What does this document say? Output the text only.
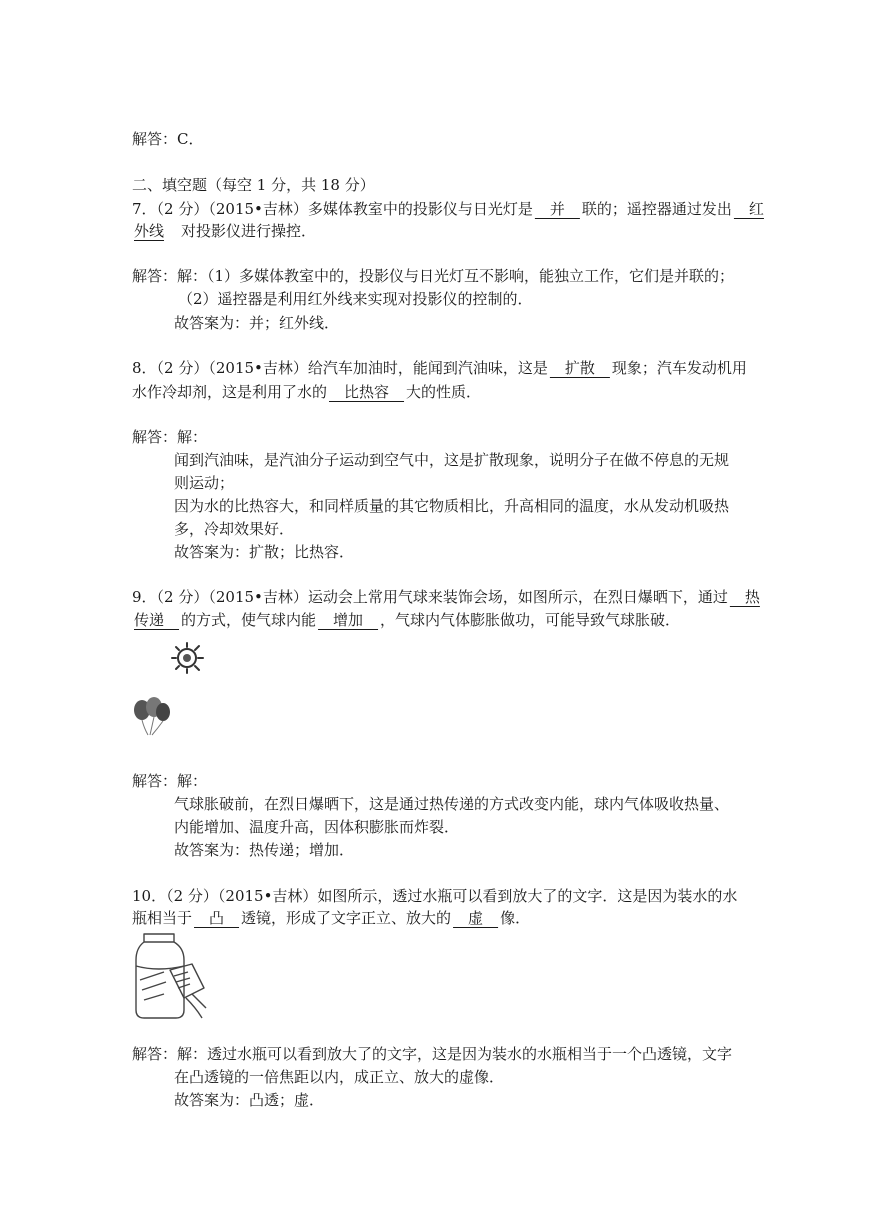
解答：C．
二、填空题（每空 1 分，共 18 分）
7．（2 分）（2015•吉林）多媒体教室中的投影仪与日光灯是　并　联的；遥控器通过发出　红
外线　对投影仪进行操控．
解答：解：（1）多媒体教室中的，投影仪与日光灯互不影响，能独立工作，它们是并联的；
（2）遥控器是利用红外线来实现对投影仪的控制的．
故答案为：并；红外线．
8．（2 分）（2015•吉林）给汽车加油时，能闻到汽油味，这是　扩散　现象；汽车发动机用
水作冷却剂，这是利用了水的　比热容　大的性质．
解答：解：
闻到汽油味，是汽油分子运动到空气中，这是扩散现象，说明分子在做不停息的无规
则运动；
因为水的比热容大，和同样质量的其它物质相比，升高相同的温度，水从发动机吸热
多，冷却效果好．
故答案为：扩散；比热容．
9．（2 分）（2015•吉林）运动会上常用气球来装饰会场，如图所示，在烈日爆晒下，通过　热
传递　的方式，使气球内能　增加　，气球内气体膨胀做功，可能导致气球胀破．
解答：解：
气球胀破前，在烈日爆晒下，这是通过热传递的方式改变内能，球内气体吸收热量、
内能增加、温度升高，因体积膨胀而炸裂．
故答案为：热传递；增加．
10．（2 分）（2015•吉林）如图所示，透过水瓶可以看到放大了的文字．这是因为装水的水
瓶相当于　凸　透镜，形成了文字正立、放大的　虚　像．
解答：解：透过水瓶可以看到放大了的文字，这是因为装水的水瓶相当于一个凸透镜，文字
在凸透镜的一倍焦距以内，成正立、放大的虚像．
故答案为：凸透；虚．
